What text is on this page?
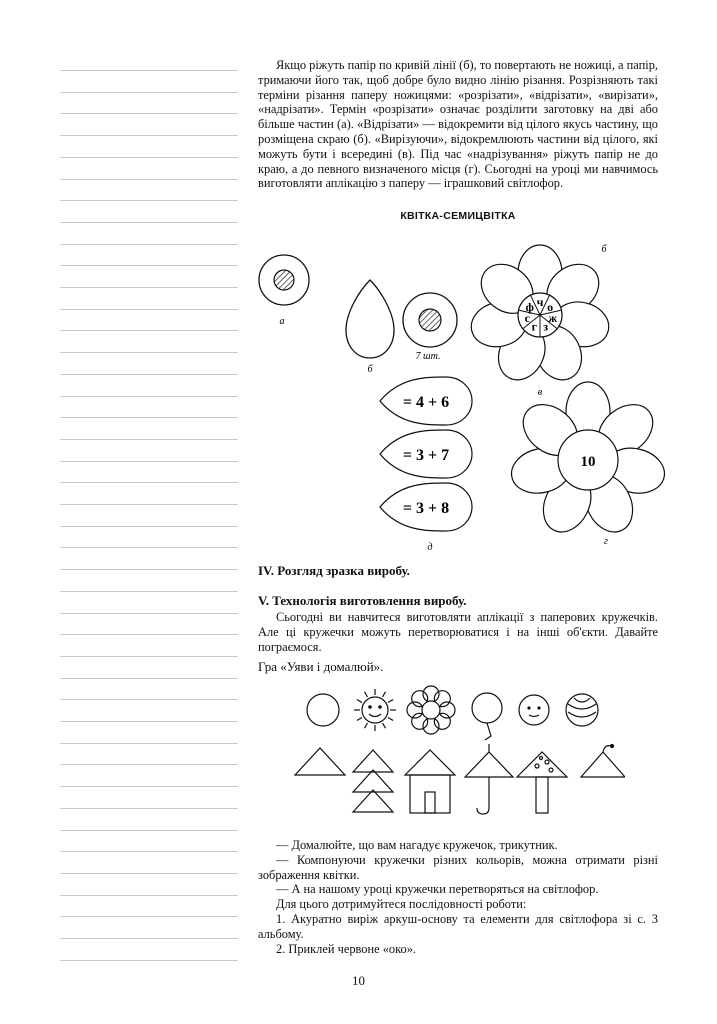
Якщо ріжуть папір по кривій лінії (б), то повертають не ножиці, а папір, тримаючи його так, щоб добре було видно лінію різання. Розрізняють такі терміни різання паперу ножицями: «розрізати», «відрізати», «вирізати», «надрізати». Термін «розрізати» означає розділити заготовку на дві або більше частин (а). «Відрізати» — відокремити від цілого якусь частину, що розміщена скраю (б). «Вирізуючи», відокремлюють частини від цілого, які можуть бути і всередині (в). Під час «надрізування» ріжуть папір не до краю, а до певного визначеного місця (г). Сьогодні на уроці ми навчимось виготовляти аплікацію з паперу — іграшковий світлофор.

КВІТКА-СЕМИЦВІТКА
а
б
7 шт.
ч о
ж
з
г
с
ф
в
б
= 4 + 6
= 3 + 7
= 3 + 8
д
10
г
IV. Розгляд зразка виробу.
V. Технологія виготовлення виробу.

Сьогодні ви навчитеся виготовляти аплікації з паперових кружечків. Але ці кружечки можуть перетворюватися і на інші об'єкти. Давайте пограємося.

Гра «Уяви і домалюй».

— Домалюйте, що вам нагадує кружечок, трикутник.

— Компонуючи кружечки різних кольорів, можна отримати різні зображення квітки.

— А на нашому уроці кружечки перетворяться на світлофор.

Для цього дотримуйтеся послідовності роботи:

1. Акуратно виріж аркуш-основу та елементи для світлофора зі с. 3 альбому.

2. Приклей червоне «око».

10
